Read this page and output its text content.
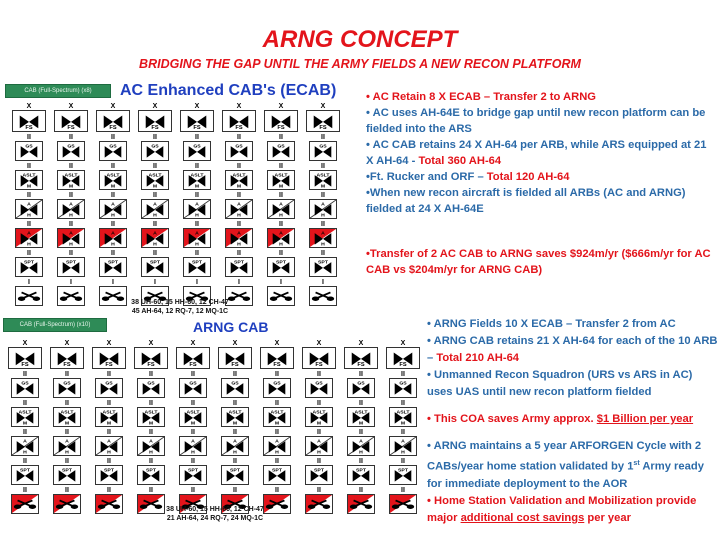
ARNG CONCEPT
BRIDGING THE GAP UNTIL THE ARMY FIELDS A NEW RECON PLATFORM
CAB (Full-Spectrum) (x8)	AC Enhanced CAB's (ECAB)
X
FS
X
FS
X
FS
X
FS
X
FS
X
FS
X
FS
X
FS
II
GS
II
GS
II
GS
II
GS
II
GS
II
GS
II
GS
II
GS
II
ASLT
M
II
ASLT
M
II
ASLT
M
II
ASLT
M
II
ASLT
M
II
ASLT
M
II
ASLT
M
II
ASLT
M
II
A
H
II
A
H
II
A
H
II
A
H
II
A
H
II
A
H
II
A
H
II
A
H
II
A
H
II
A
H
II
A
H
II
A
H
II
A
H
II
A
H
II
A
H
II
A
H
II
SPT
II
SPT
II
SPT
II
SPT
II
SPT
II
SPT
II
SPT
II
SPT
I	I	I	I	I	I	I	I
38 UH-60, 15 HH-60, 12 CH-47
45 AH-64, 12 RQ-7, 12 MQ-1C
CAB (Full-Spectrum) (x10)	ARNG CAB
X
FS
X
FS
X
FS
X
FS
X
FS
X
FS
X
FS
X
FS
X
FS
X
FS
II
GS
II
GS
II
GS
II
GS
II
GS
II
GS
II
GS
II
GS
II
GS
II
GS
II
ASLT
M
II
ASLT
M
II
ASLT
M
II
ASLT
M
II
ASLT
M
II
ASLT
M
II
ASLT
M
II
ASLT
M
II
ASLT
M
II
ASLT
M
II
A
H
II
A
H
II
A
H
II
A
H
II
A
H
II
A
H
II
A
H
II
A
H
II
A
H
II
A
H
II
SPT
II
SPT
II
SPT
II
SPT
II
SPT
II
SPT
II
SPT
II
SPT
II
SPT
II
SPT
II	II	II	II	II	II	II	II	II	II
38 UH-60, 15 HH-60, 12 CH-47
21 AH-64, 24 RQ-7, 24 MQ-1C

• AC Retain 8 X ECAB – Transfer 2 to ARNG

• AC uses AH-64E to bridge gap until new recon platform can be fielded into the ARS

• AC CAB retains 24 X AH-64 per ARB, while ARS equipped at 21 X AH-64 - Total 360 AH-64

•Ft. Rucker and ORF – Total 120 AH-64

•When new recon aircraft is fielded all ARBs (AC and ARNG) fielded at 24 X AH-64E

•Transfer of 2 AC CAB to ARNG saves $924m/yr ($666m/yr for AC CAB vs $204m/yr for ARNG CAB)

• ARNG Fields 10 X ECAB – Transfer 2 from AC

• ARNG CAB retains 21 X AH-64 for each of the 10 ARB – Total 210 AH-64

• Unmanned Recon Squadron (URS vs ARS in AC) uses UAS until new recon platform fielded

• This COA saves Army approx. $1 Billion per year

• ARNG maintains a 5 year ARFORGEN Cycle with 2 CABs/year home station validated by 1st Army ready for immediate deployment to the AOR

• Home Station Validation and Mobilization provide major additional cost savings per year
